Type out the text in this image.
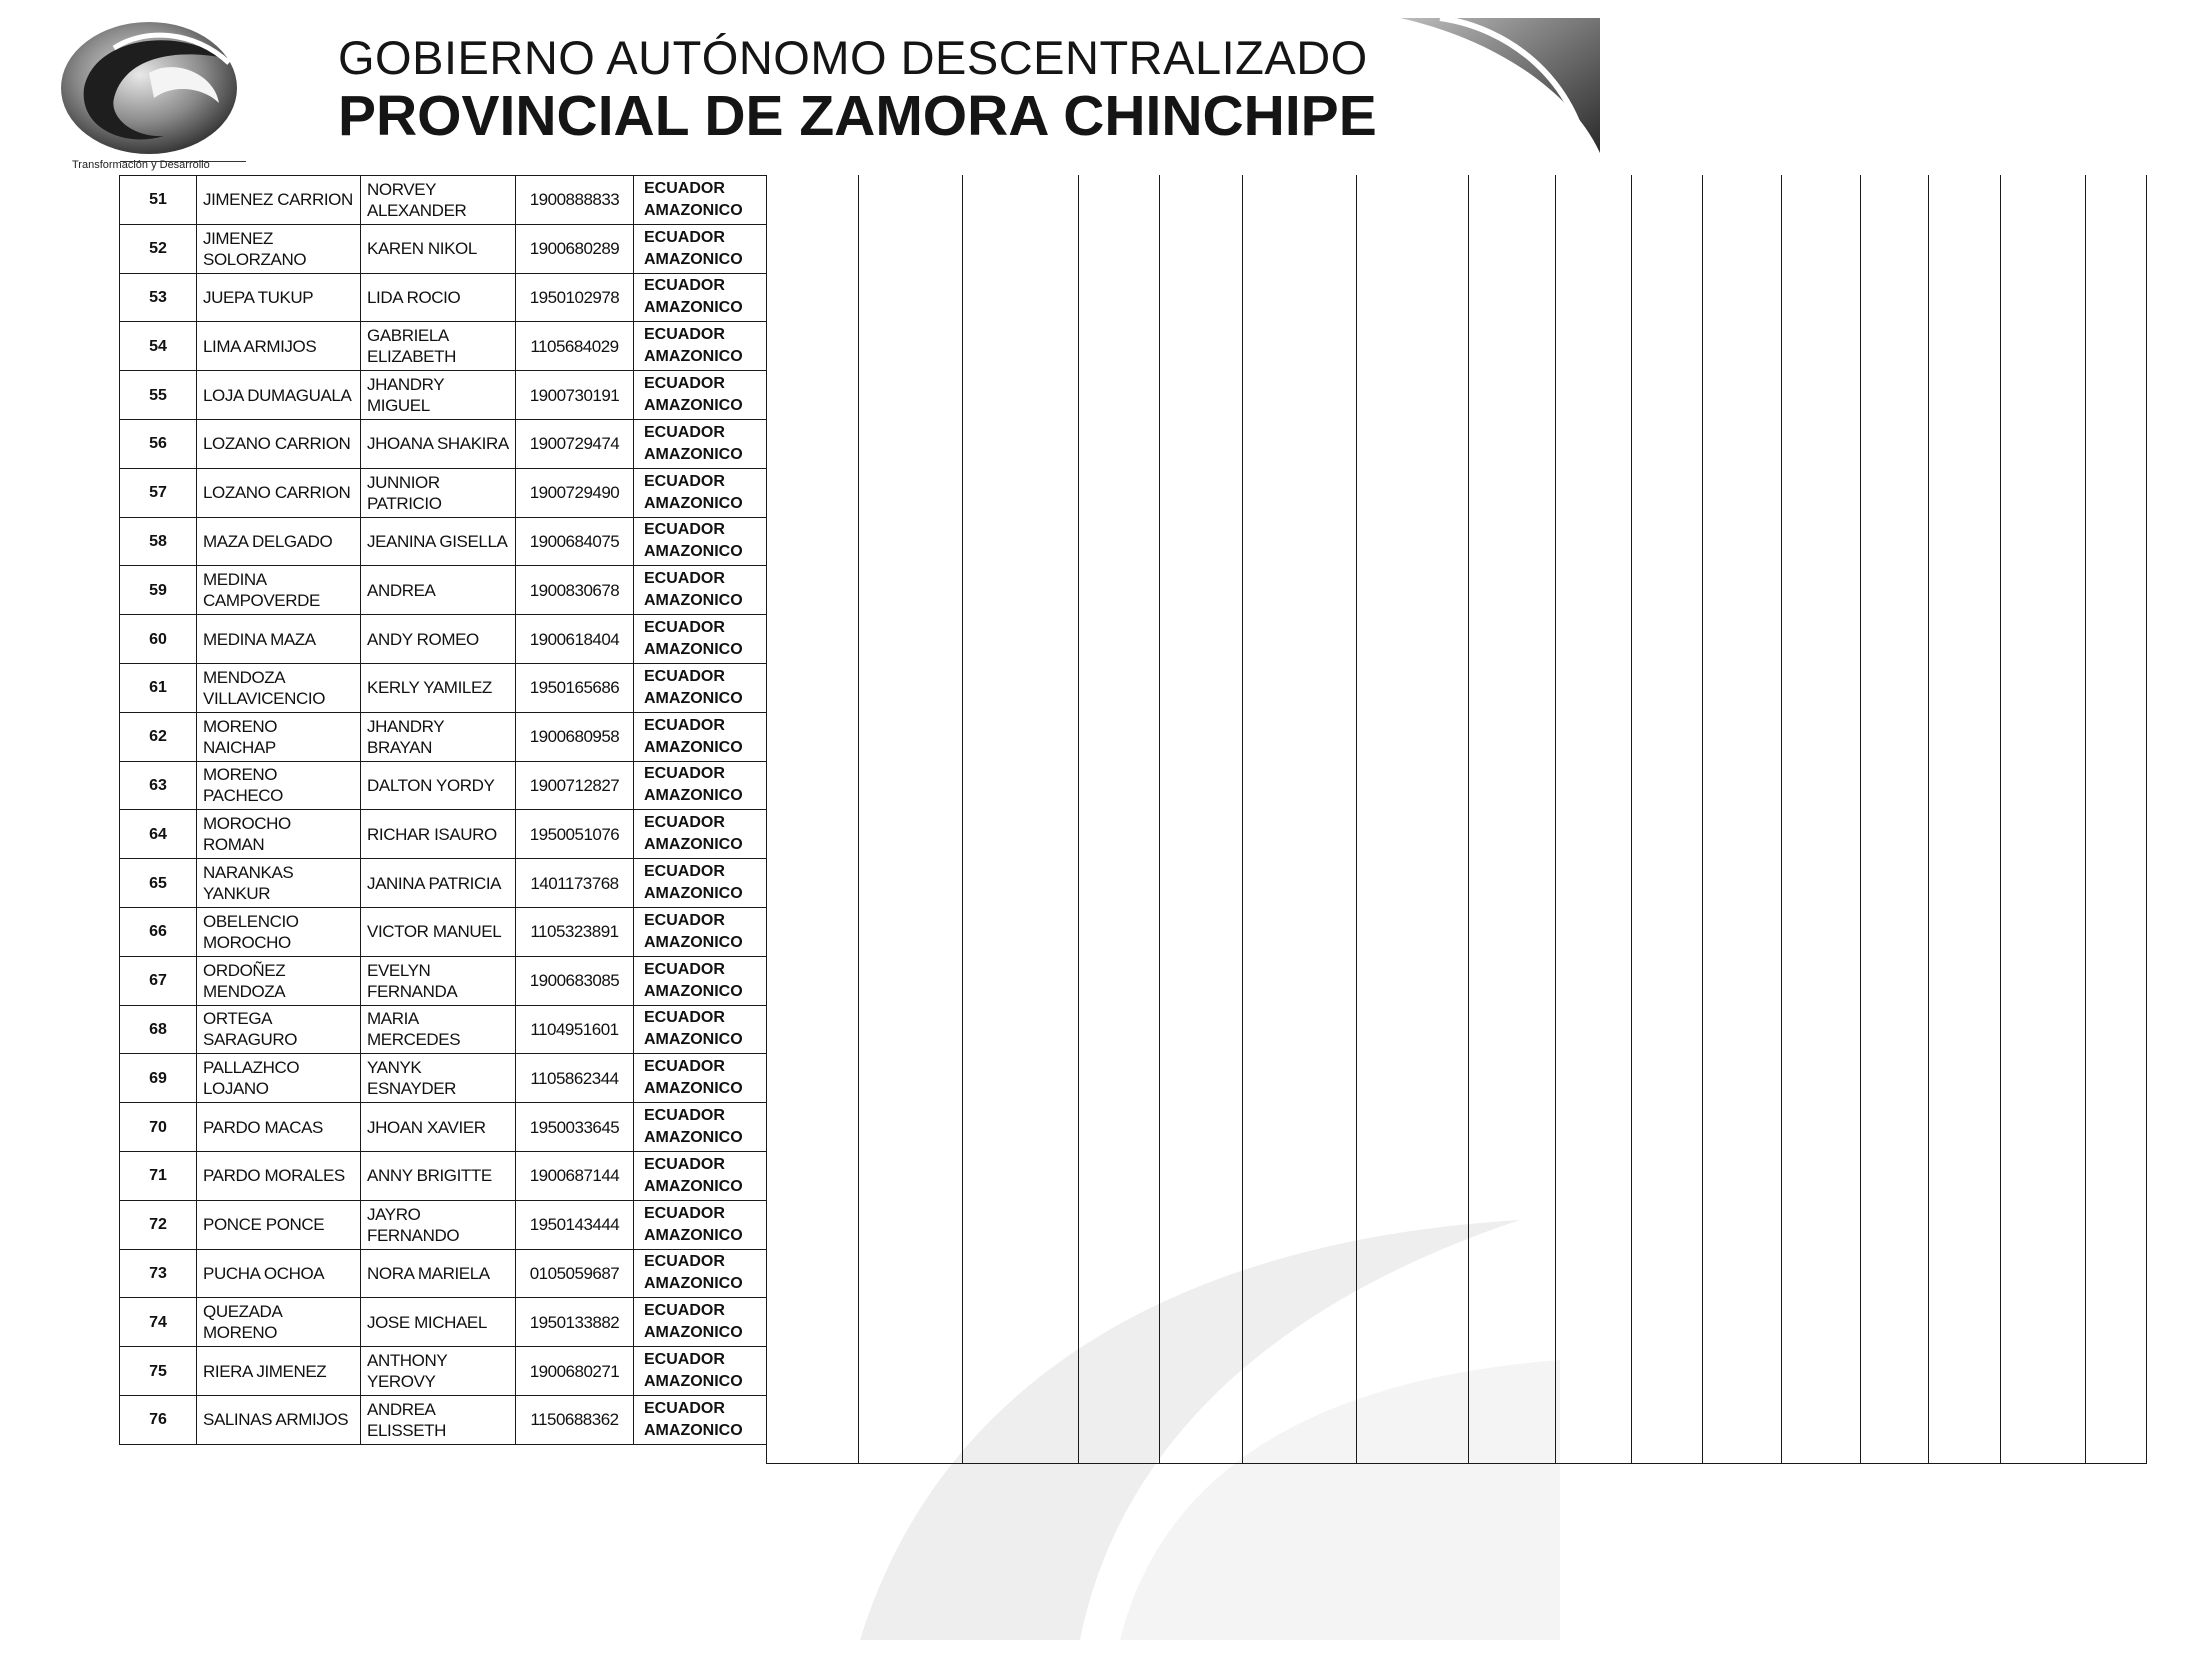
Transformación y Desarrollo
GOBIERNO AUTÓNOMO DESCENTRALIZADO
PROVINCIAL DE ZAMORA CHINCHIPE
51	JIMENEZ CARRION	NORVEY ALEXANDER	1900888833	ECUADOR AMAZONICO
52	JIMENEZ SOLORZANO	KAREN NIKOL	1900680289	ECUADOR AMAZONICO
53	JUEPA TUKUP	LIDA ROCIO	1950102978	ECUADOR AMAZONICO
54	LIMA ARMIJOS	GABRIELA ELIZABETH	1105684029	ECUADOR AMAZONICO
55	LOJA DUMAGUALA	JHANDRY MIGUEL	1900730191	ECUADOR AMAZONICO
56	LOZANO CARRION	JHOANA SHAKIRA	1900729474	ECUADOR AMAZONICO
57	LOZANO CARRION	JUNNIOR PATRICIO	1900729490	ECUADOR AMAZONICO
58	MAZA DELGADO	JEANINA GISELLA	1900684075	ECUADOR AMAZONICO
59	MEDINA CAMPOVERDE	ANDREA	1900830678	ECUADOR AMAZONICO
60	MEDINA MAZA	ANDY ROMEO	1900618404	ECUADOR AMAZONICO
61	MENDOZA VILLAVICENCIO	KERLY YAMILEZ	1950165686	ECUADOR AMAZONICO
62	MORENO NAICHAP	JHANDRY BRAYAN	1900680958	ECUADOR AMAZONICO
63	MORENO PACHECO	DALTON YORDY	1900712827	ECUADOR AMAZONICO
64	MOROCHO ROMAN	RICHAR ISAURO	1950051076	ECUADOR AMAZONICO
65	NARANKAS YANKUR	JANINA PATRICIA	1401173768	ECUADOR AMAZONICO
66	OBELENCIO MOROCHO	VICTOR MANUEL	1105323891	ECUADOR AMAZONICO
67	ORDOÑEZ MENDOZA	EVELYN FERNANDA	1900683085	ECUADOR AMAZONICO
68	ORTEGA SARAGURO	MARIA MERCEDES	1104951601	ECUADOR AMAZONICO
69	PALLAZHCO LOJANO	YANYK ESNAYDER	1105862344	ECUADOR AMAZONICO
70	PARDO MACAS	JHOAN XAVIER	1950033645	ECUADOR AMAZONICO
71	PARDO MORALES	ANNY BRIGITTE	1900687144	ECUADOR AMAZONICO
72	PONCE PONCE	JAYRO FERNANDO	1950143444	ECUADOR AMAZONICO
73	PUCHA OCHOA	NORA MARIELA	0105059687	ECUADOR AMAZONICO
74	QUEZADA MORENO	JOSE MICHAEL	1950133882	ECUADOR AMAZONICO
75	RIERA JIMENEZ	ANTHONY YEROVY	1900680271	ECUADOR AMAZONICO
76	SALINAS ARMIJOS	ANDREA ELISSETH	1150688362	ECUADOR AMAZONICO
